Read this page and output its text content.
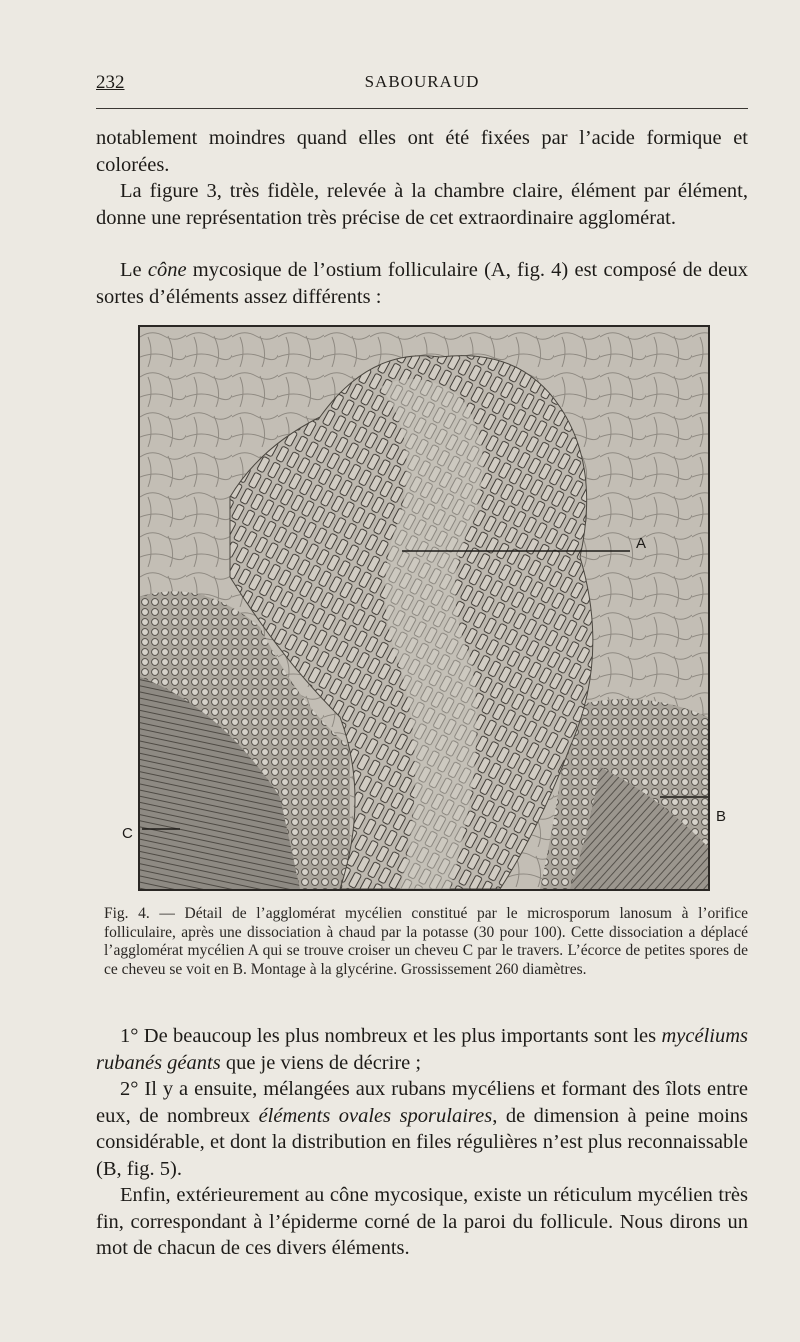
232	SABOURAUD

notablement moindres quand elles ont été fixées par l’acide formique et colorées.

La figure 3, très fidèle, relevée à la chambre claire, élément par élément, donne une représentation très précise de cet extraordinaire agglomérat.

Le cône mycosique de l’ostium folliculaire (A, fig. 4) est composé de deux sortes d’éléments assez différents :

A
B
C

Fig. 4. — Détail de l’agglomérat mycélien constitué par le microsporum lanosum à l’orifice folliculaire, après une dissociation à chaud par la potasse (30 pour 100). Cette dissociation a déplacé l’agglomérat mycélien A qui se trouve croiser un cheveu C par le travers. L’écorce de petites spores de ce cheveu se voit en B. Montage à la glycérine. Grossissement 260 diamètres.

1° De beaucoup les plus nombreux et les plus importants sont les mycéliums rubanés géants que je viens de décrire ;

2° Il y a ensuite, mélangées aux rubans mycéliens et formant des îlots entre eux, de nombreux éléments ovales sporulaires, de dimension à peine moins considérable, et dont la distribution en files régulières n’est plus reconnaissable (B, fig. 5).

Enfin, extérieurement au cône mycosique, existe un réticulum mycélien très fin, correspondant à l’épiderme corné de la paroi du follicule. Nous dirons un mot de chacun de ces divers éléments.
